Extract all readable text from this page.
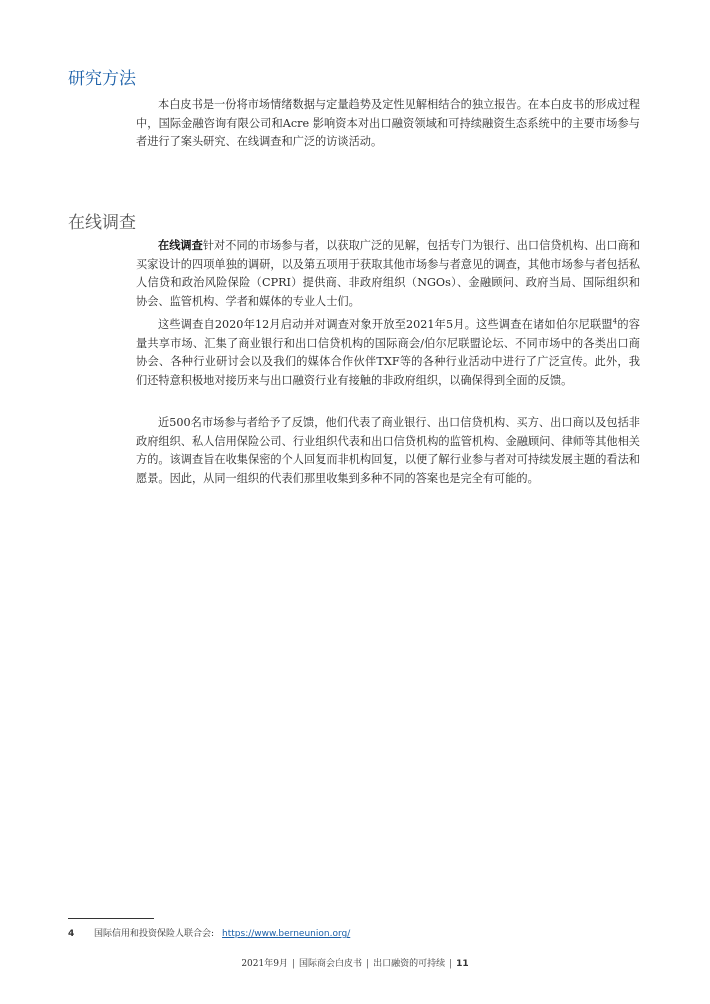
研究方法

本白皮书是一份将市场情绪数据与定量趋势及定性见解相结合的独立报告。在本白皮书的形成过程中，国际金融咨询有限公司和Acre 影响资本对出口融资领域和可持续融资生态系统中的主要市场参与者进行了案头研究、在线调查和广泛的访谈活动。

在线调查

在线调查针对不同的市场参与者，以获取广泛的见解，包括专门为银行、出口信贷机构、出口商和买家设计的四项单独的调研，以及第五项用于获取其他市场参与者意见的调查，其他市场参与者包括私人信贷和政治风险保险（CPRI）提供商、非政府组织（NGOs）、金融顾问、政府当局、国际组织和协会、监管机构、学者和媒体的专业人士们。

这些调查自2020年12月启动并对调查对象开放至2021年5月。这些调查在诸如伯尔尼联盟$^4$的容量共享市场、汇集了商业银行和出口信贷机构的国际商会/伯尔尼联盟论坛、不同市场中的各类出口商协会、各种行业研讨会以及我们的媒体合作伙伴TXF等的各种行业活动中进行了广泛宣传。此外，我们还特意积极地对接历来与出口融资行业有接触的非政府组织，以确保得到全面的反馈。

近500名市场参与者给予了反馈，他们代表了商业银行、出口信贷机构、买方、出口商以及包括非政府组织、私人信用保险公司、行业组织代表和出口信贷机构的监管机构、金融顾问、律师等其他相关方的。该调查旨在收集保密的个人回复而非机构回复，以便了解行业参与者对可持续发展主题的看法和愿景。因此，从同一组织的代表们那里收集到多种不同的答案也是完全有可能的。

4 国际信用和投资保险人联合会: https://www.berneunion.org/
2021年9月 | 国际商会白皮书 | 出口融资的可持续 | 11
